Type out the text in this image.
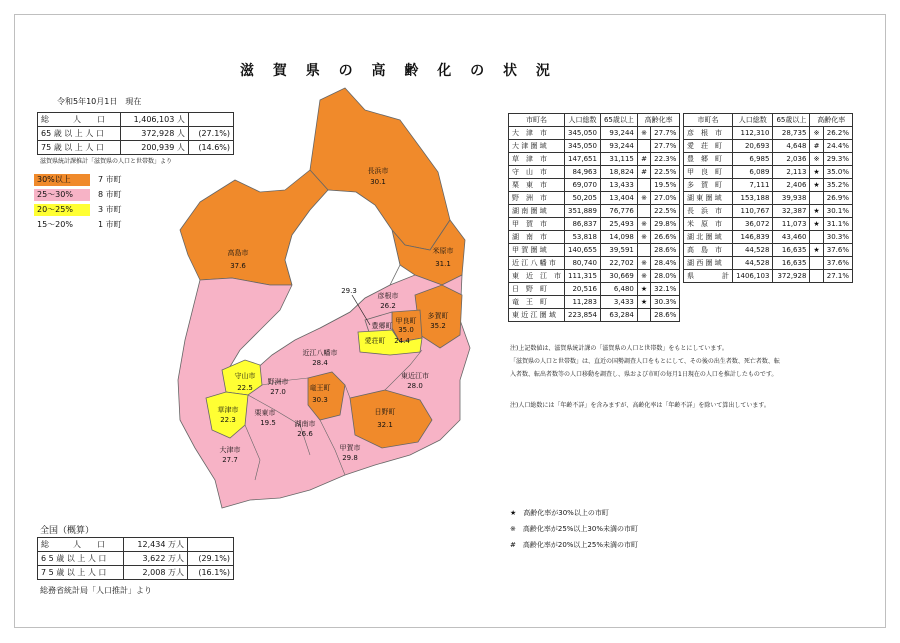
滋 賀 県 の 高 齢 化 の 状 況
令和5年10月1日　現在
総　　　人　　口	1,406,103 人	
65 歳 以 上 人 口	372,928 人	(27.1%)
75 歳 以 上 人 口	200,939 人	(14.6%)
滋賀県統計課推計「滋賀県の人口と世帯数」より
30%以上	7 市町
25～30%	8 市町
20～25%	3 市町
15～20%	1 市町
長浜市
30.1
高島市
37.6
米原市
31.1
彦根市
26.2
多賀町
35.2
甲良町
35.0
豊郷町
29.3
愛荘町 24.4
近江八幡市
28.4
東近江市
28.0
守山市
22.5
野洲市
27.0	竜王町
30.3
日野町
32.1
草津市
22.3
栗東市
19.5	湖南市
26.6
甲賀市
29.8
大津市
27.7
市町名	人口総数	65歳以上	高齢化率	
大　津　市	345,050	93,244	※	27.7%
大 津 圏 域	345,050	93,244		27.7%
草　津　市	147,651	31,115	#	22.3%
守　山　市	84,963	18,824	#	22.5%
栗　東　市	69,070	13,433		19.5%
野　洲　市	50,205	13,404	※	27.0%
湖 南 圏 域	351,889	76,776		22.5%
甲　賀　市	86,837	25,493	※	29.8%
湖　南　市	53,818	14,098	※	26.6%
甲 賀 圏 域	140,655	39,591		28.6%
近 江 八 幡 市	80,740	22,702	※	28.4%
東　近　江　市	111,315	30,669	※	28.0%
日　野　町	20,516	6,480	★	32.1%
竜　王　町	11,283	3,433	★	30.3%
東 近 江 圏 域	223,854	63,284		28.6%
市町名	人口総数	65歳以上	高齢化率	
彦　根　市	112,310	28,735	※	26.2%
愛　荘　町	20,693	4,648	#	24.4%
豊　郷　町	6,985	2,036	※	29.3%
甲　良　町	6,089	2,113	★	35.0%
多　賀　町	7,111	2,406	★	35.2%
湖 東 圏 域	153,188	39,938		26.9%
長　浜　市	110,767	32,387	★	30.1%
米　原　市	36,072	11,073	★	31.1%
湖 北 圏 域	146,839	43,460		30.3%
高　島　市	44,528	16,635	★	37.6%
湖 西 圏 域	44,528	16,635		37.6%
県　　　　計	1406,103	372,928		27.1%
注)上記数値は、滋賀県統計課の「滋賀県の人口と世帯数」をもとにしています。
「滋賀県の人口と世帯数」は、直近の国勢調査人口をもとにして、その後の出生者数、死亡者数、転
入者数、転出者数等の人口移動を調査し、県および市町の毎月1日現在の人口を推計したものです。
注)人口総数には「年齢不詳」を含みますが、高齢化率は「年齢不詳」を除いて算出しています。
★　高齢化率が30%以上の市町
※　高齢化率が25%以上30%未満の市町
#　高齢化率が20%以上25%未満の市町
全国（概算）
総　　　人　　口	12,434 万人	
6 5 歳 以 上 人 口	3,622 万人	(29.1%)
7 5 歳 以 上 人 口	2,008 万人	(16.1%)
総務省統計局「人口推計」より
